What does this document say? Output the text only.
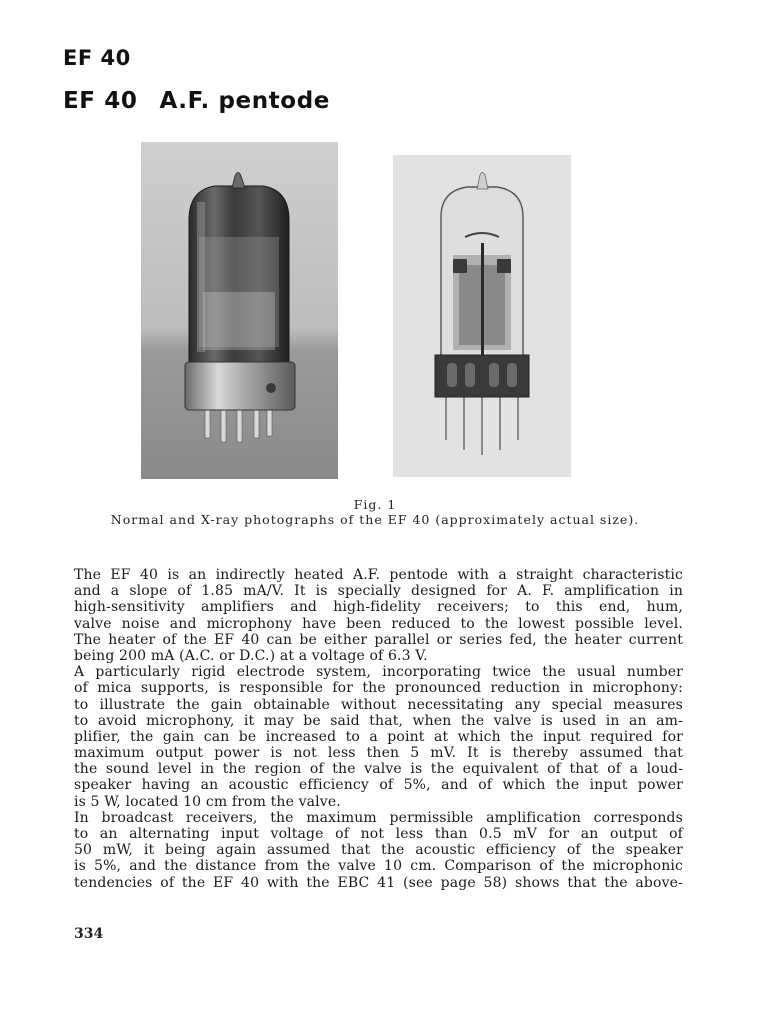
EF 40
EF 40 A.F. pentode
Fig. 1
Normal and X-ray photographs of the EF 40 (approximately actual size).
The EF 40 is an indirectly heated A.F. pentode with a straight characteristic
and a slope of 1.85 mA/V. It is specially designed for A. F. amplification in
high-sensitivity amplifiers and high-fidelity receivers; to this end, hum,
valve noise and microphony have been reduced to the lowest possible level.
The heater of the EF 40 can be either parallel or series fed, the heater current
being 200 mA (A.C. or D.C.) at a voltage of 6.3 V.
A particularly rigid electrode system, incorporating twice the usual number
of mica supports, is responsible for the pronounced reduction in microphony:
to illustrate the gain obtainable without necessitating any special measures
to avoid microphony, it may be said that, when the valve is used in an am-
plifier, the gain can be increased to a point at which the input required for
maximum output power is not less then 5 mV. It is thereby assumed that
the sound level in the region of the valve is the equivalent of that of a loud-
speaker having an acoustic efficiency of 5%, and of which the input power
is 5 W, located 10 cm from the valve.
In broadcast receivers, the maximum permissible amplification corresponds
to an alternating input voltage of not less than 0.5 mV for an output of
50 mW, it being again assumed that the acoustic efficiency of the speaker
is 5%, and the distance from the valve 10 cm. Comparison of the microphonic
tendencies of the EF 40 with the EBC 41 (see page 58) shows that the above-
334
